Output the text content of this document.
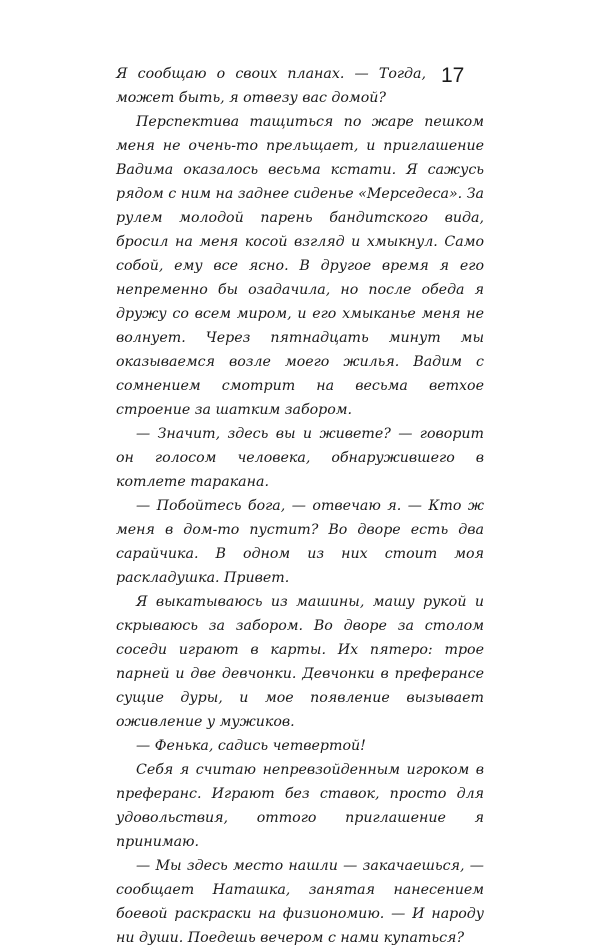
17

Я сообщаю о своих планах. — Тогда, может быть, я отвезу вас домой?

Перспектива тащиться по жаре пешком меня не очень-то прельщает, и приглашение Вадима оказалось весьма кстати. Я сажусь рядом с ним на заднее сиденье «Мерседеса». За рулем молодой парень бандитского вида, бросил на меня косой взгляд и хмыкнул. Само собой, ему все ясно. В другое время я его непременно бы озадачила, но после обеда я дружу со всем миром, и его хмыканье меня не волнует. Через пятнадцать минут мы оказываемся возле моего жилья. Вадим с сомнением смотрит на весьма ветхое строение за шатким забором.

— Значит, здесь вы и живете? — говорит он голосом человека, обнаружившего в котлете таракана.

— Побойтесь бога, — отвечаю я. — Кто ж меня в дом-то пустит? Во дворе есть два сарайчика. В одном из них стоит моя раскладушка. Привет.

Я выкатываюсь из машины, машу рукой и скрываюсь за забором. Во дворе за столом соседи играют в карты. Их пятеро: трое парней и две девчонки. Девчонки в преферансе сущие дуры, и мое появление вызывает оживление у мужиков.

— Фенька, садись четвертой!

Себя я считаю непревзойденным игроком в преферанс. Играют без ставок, просто для удовольствия, оттого приглашение я принимаю.

— Мы здесь место нашли — закачаешься, — сообщает Наташка, занятая нанесением боевой раскраски на физиономию. — И народу ни души. Поедешь вечером с нами купаться?
